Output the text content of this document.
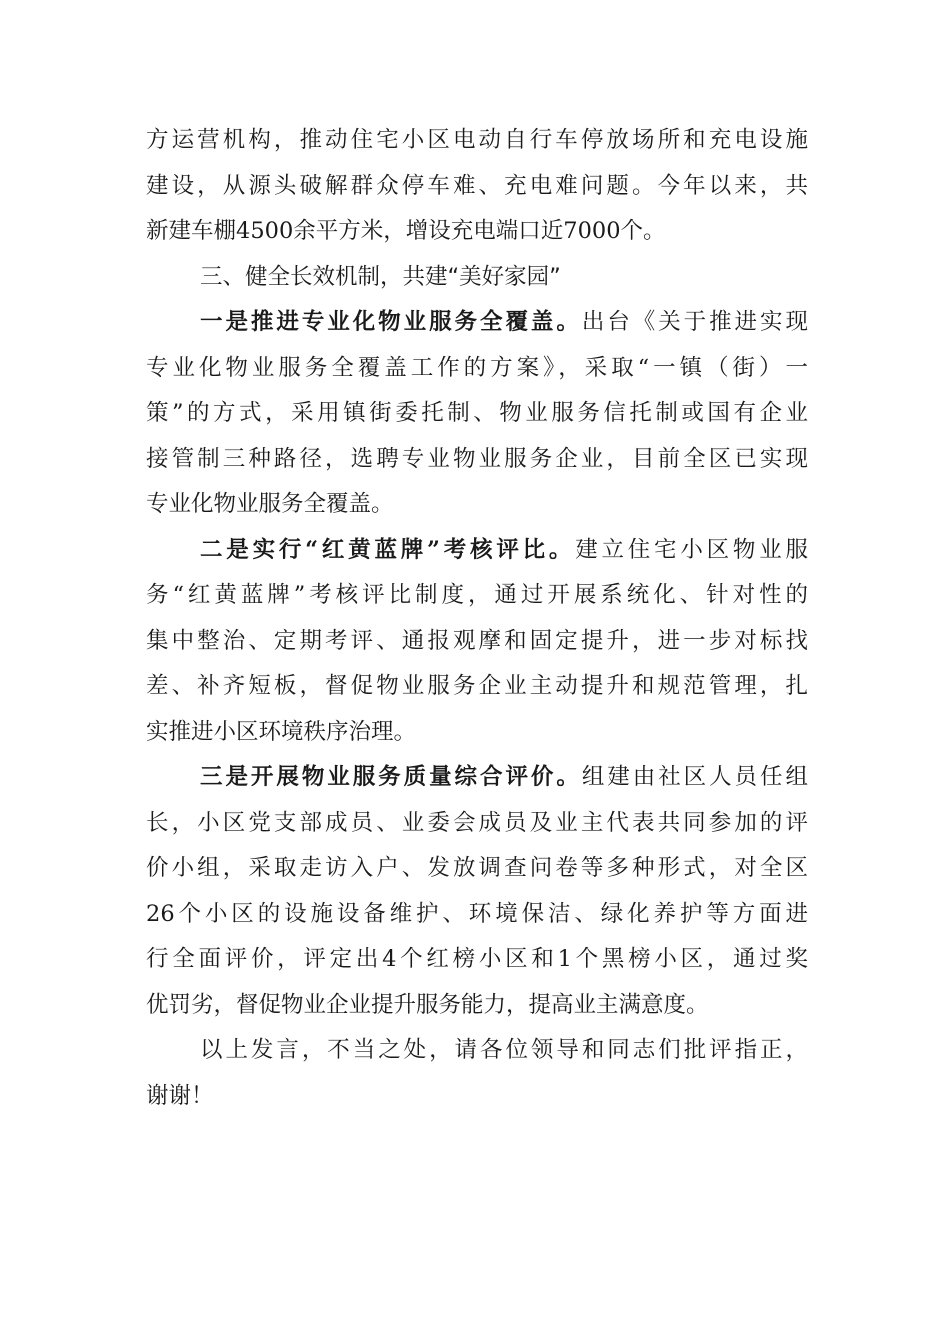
方运营机构，推动住宅小区电动自行车停放场所和充电设施
建设，从源头破解群众停车难、充电难问题。今年以来，共
新建车棚4500余平方米，增设充电端口近7000个。
三、健全长效机制，共建“美好家园”
一是推进专业化物业服务全覆盖。出台《关于推进实现
专业化物业服务全覆盖工作的方案》，采取“一镇（街）一
策”的方式，采用镇街委托制、物业服务信托制或国有企业
接管制三种路径，选聘专业物业服务企业，目前全区已实现
专业化物业服务全覆盖。
二是实行“红黄蓝牌”考核评比。建立住宅小区物业服
务“红黄蓝牌”考核评比制度，通过开展系统化、针对性的
集中整治、定期考评、通报观摩和固定提升，进一步对标找
差、补齐短板，督促物业服务企业主动提升和规范管理，扎
实推进小区环境秩序治理。
三是开展物业服务质量综合评价。组建由社区人员任组
长，小区党支部成员、业委会成员及业主代表共同参加的评
价小组，采取走访入户、发放调查问卷等多种形式，对全区
26个小区的设施设备维护、环境保洁、绿化养护等方面进
行全面评价，评定出4个红榜小区和1个黑榜小区，通过奖
优罚劣，督促物业企业提升服务能力，提高业主满意度。
以上发言，不当之处，请各位领导和同志们批评指正，
谢谢！
